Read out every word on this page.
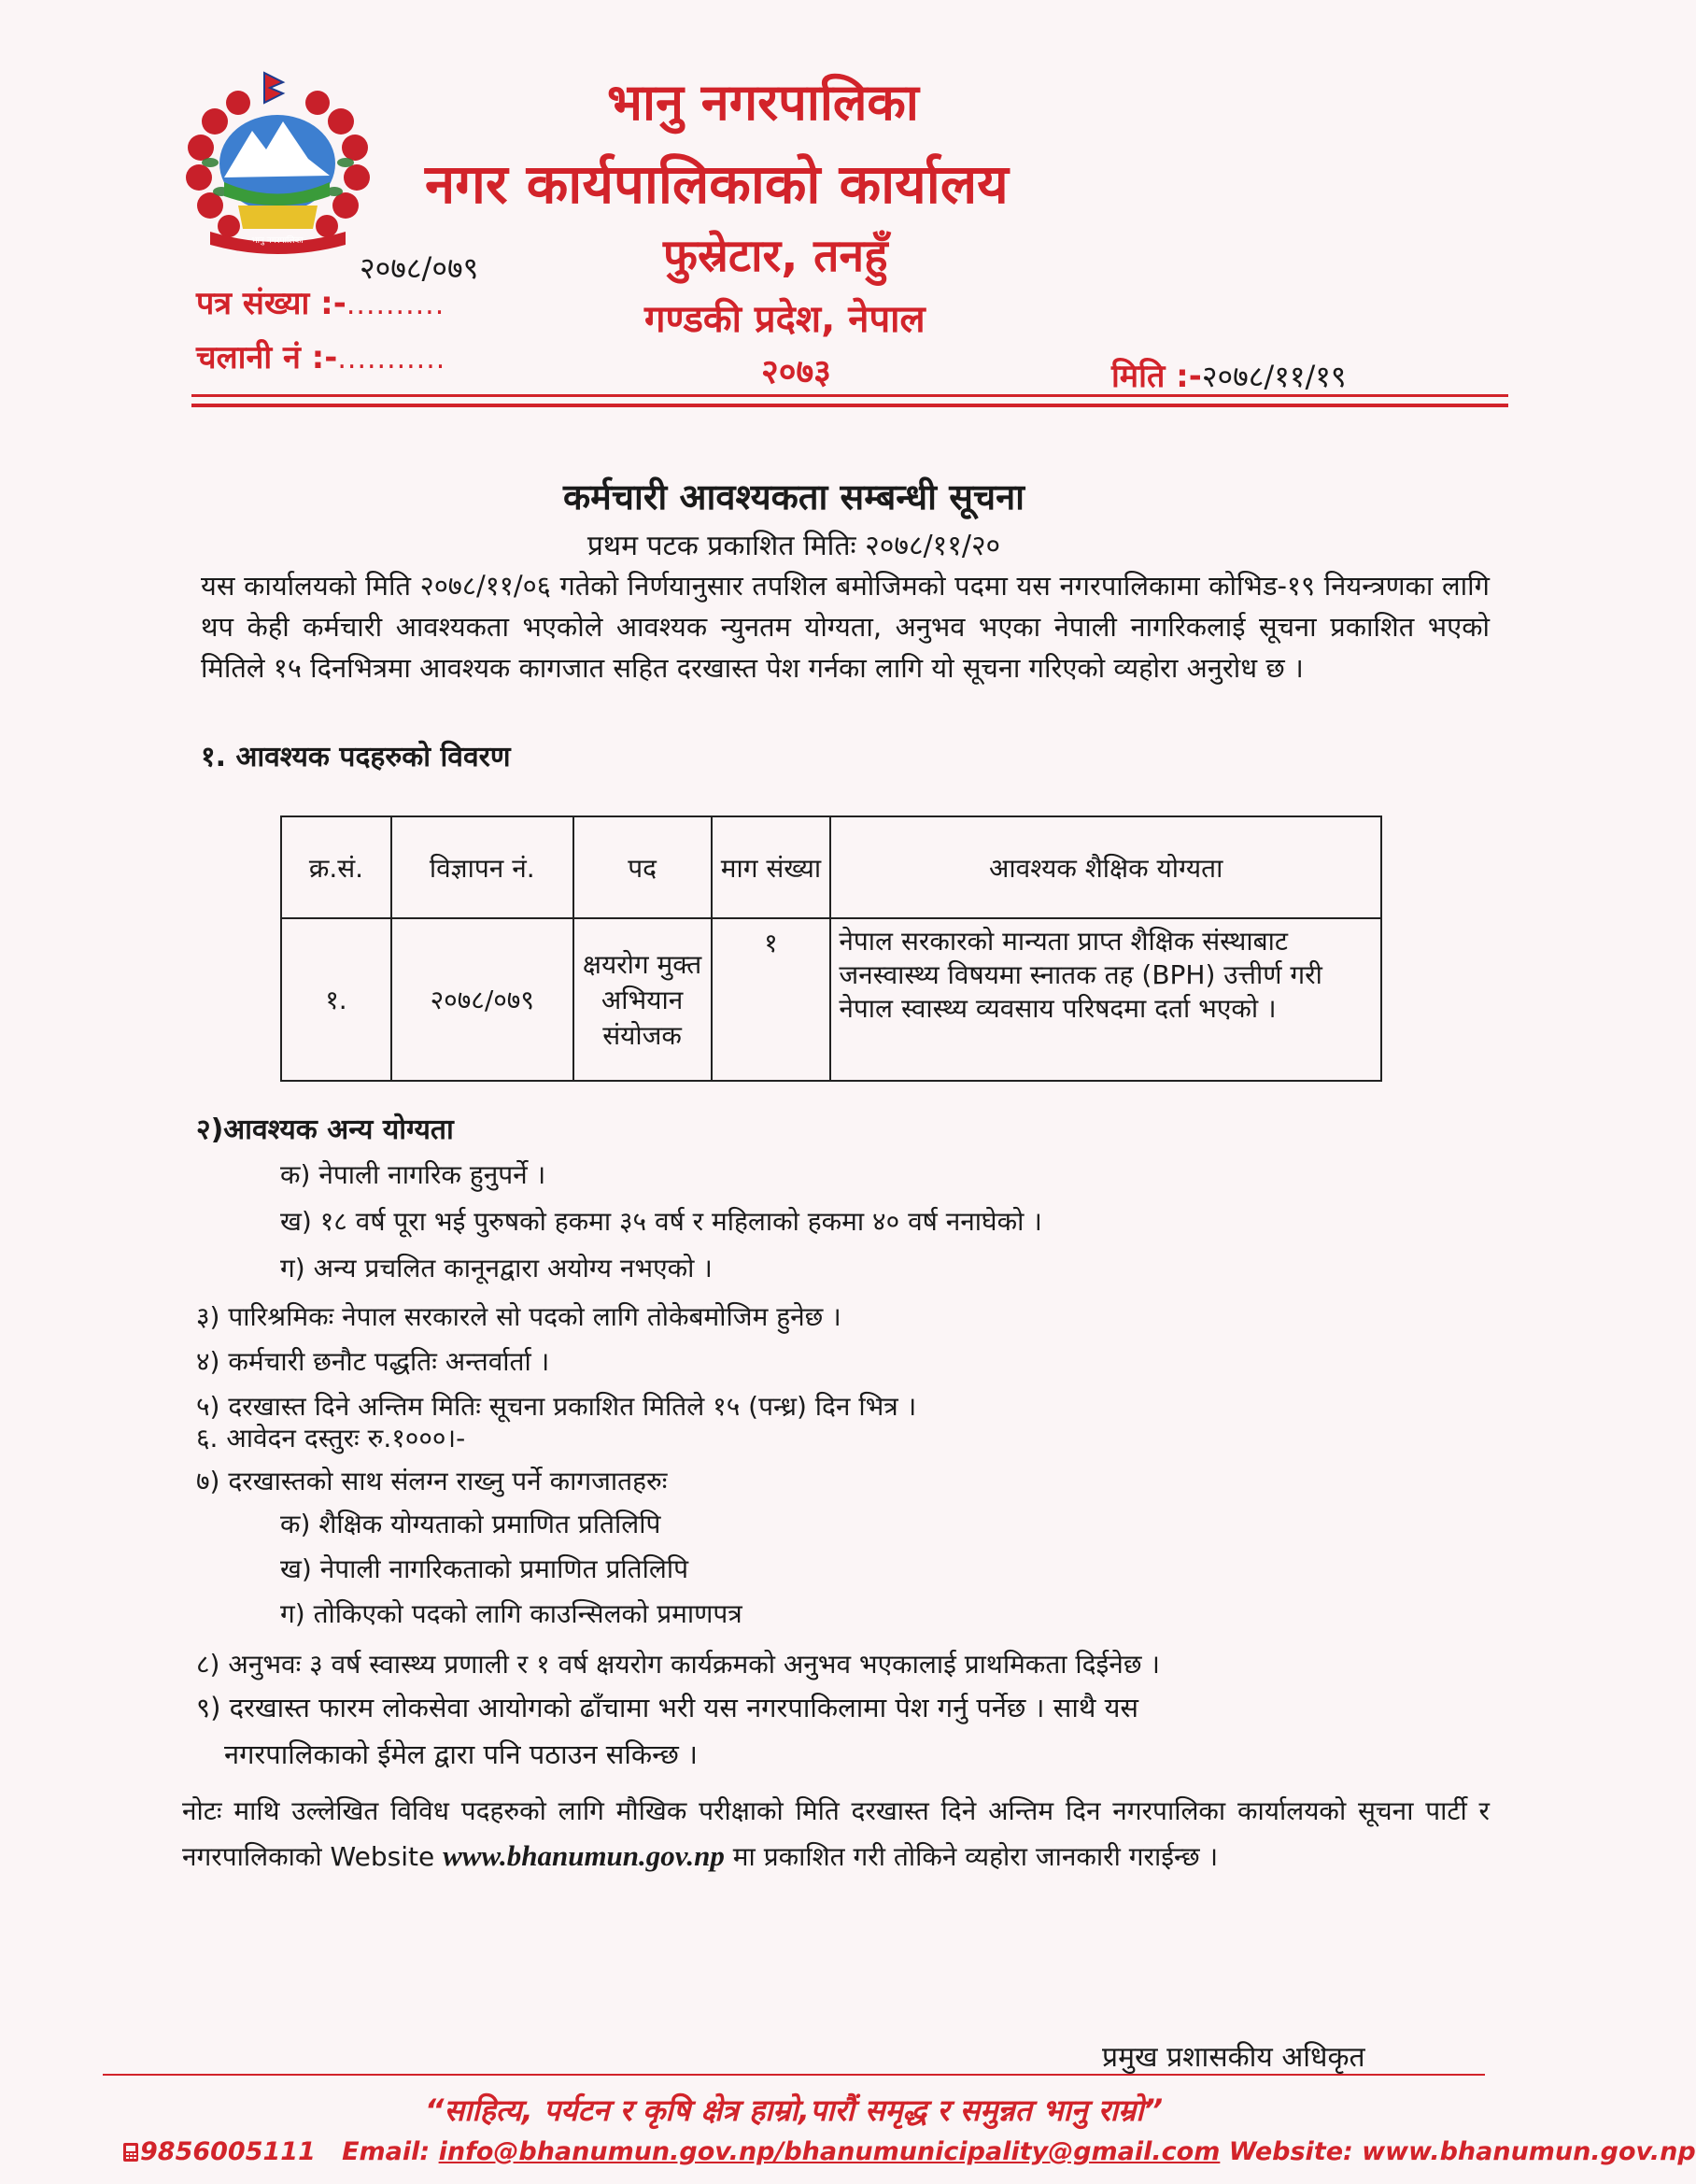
भानु नगरपालिका
भानु नगरपालिका
नगर कार्यपालिकाको कार्यालय
फुस्रेटार, तनहुँ
गण्डकी प्रदेश, नेपाल
२०७३
२०७८/०७९
पत्र संख्या :-..........
चलानी नं :-...........	मिति :-२०७८/११/१९
कर्मचारी आवश्यकता सम्बन्धी सूचना
प्रथम पटक प्रकाशित मितिः २०७८/११/२०
यस कार्यालयको मिति २०७८/११/०६ गतेको निर्णयानुसार तपशिल बमोजिमको पदमा यस नगरपालिकामा कोभिड-१९ नियन्त्रणका लागि थप केही कर्मचारी आवश्यकता भएकोले आवश्यक न्युनतम योग्यता, अनुभव भएका नेपाली नागरिकलाई सूचना प्रकाशित भएको मितिले १५ दिनभित्रमा आवश्यक कागजात सहित दरखास्त पेश गर्नका लागि यो सूचना गरिएको व्यहोरा अनुरोध छ ।
१. आवश्यक पदहरुको विवरण
क्र.सं.	विज्ञापन नं.	पद	माग संख्या	आवश्यक शैक्षिक योग्यता
१.	२०७८/०७९	क्षयरोग मुक्त अभियान संयोजक	१	नेपाल सरकारको मान्यता प्राप्त शैक्षिक संस्थाबाट जनस्वास्थ्य विषयमा स्नातक तह (BPH) उत्तीर्ण गरी नेपाल स्वास्थ्य व्यवसाय परिषदमा दर्ता भएको ।
२)आवश्यक अन्य योग्यता
क) नेपाली नागरिक हुनुपर्ने ।
ख) १८ वर्ष पूरा भई पुरुषको हकमा ३५ वर्ष र महिलाको हकमा ४० वर्ष ननाघेको ।
ग) अन्य प्रचलित कानूनद्वारा अयोग्य नभएको ।
३) पारिश्रमिकः नेपाल सरकारले सो पदको लागि तोकेबमोजिम हुनेछ ।
४) कर्मचारी छनौट पद्धतिः अन्तर्वार्ता ।
५) दरखास्त दिने अन्तिम मितिः सूचना प्रकाशित मितिले १५ (पन्ध्र) दिन भित्र ।
६. आवेदन दस्तुरः रु.१०००।-
७) दरखास्तको साथ संलग्न राख्नु पर्ने कागजातहरुः
क) शैक्षिक योग्यताको प्रमाणित प्रतिलिपि
ख) नेपाली नागरिकताको प्रमाणित प्रतिलिपि
ग) तोकिएको पदको लागि काउन्सिलको प्रमाणपत्र
८) अनुभवः ३ वर्ष स्वास्थ्य प्रणाली र १ वर्ष क्षयरोग कार्यक्रमको अनुभव भएकालाई प्राथमिकता दिईनेछ ।
९) दरखास्त फारम लोकसेवा आयोगको ढाँचामा भरी यस नगरपाकिलामा पेश गर्नु पर्नेछ । साथै यस
नगरपालिकाको ईमेल द्वारा पनि पठाउन सकिन्छ ।
नोटः माथि उल्लेखित विविध पदहरुको लागि मौखिक परीक्षाको मिति दरखास्त दिने अन्तिम दिन नगरपालिका कार्यालयको सूचना पार्टी र नगरपालिकाको Website www.bhanumun.gov.np मा प्रकाशित गरी तोकिने व्यहोरा जानकारी गराईन्छ ।
प्रमुख प्रशासकीय अधिकृत
“साहित्य, पर्यटन र कृषि क्षेत्र हाम्रो,पारौं समृद्ध र समुन्नत भानु राम्रो”
9856005111 Email: info@bhanumun.gov.np/bhanumunicipality@gmail.com Website: www.bhanumun.gov.np
